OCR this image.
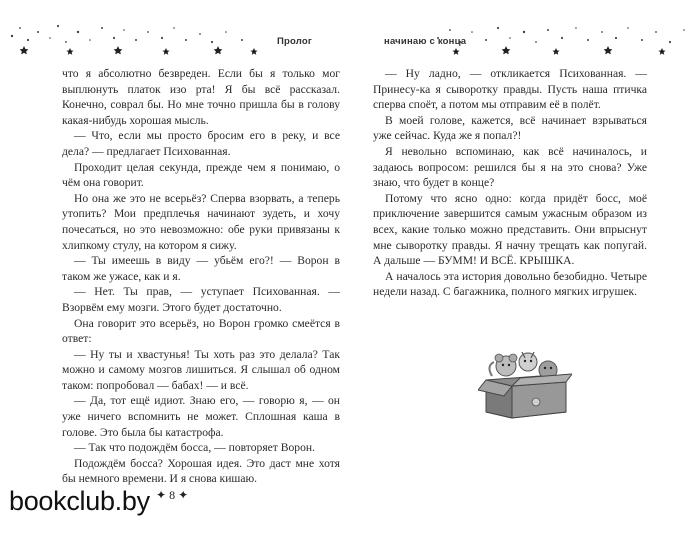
Пролог	начинаю с конца

что я абсолютно безвреден. Если бы я только мог выплюнуть платок изо рта! Я бы всё рассказал. Конечно, соврал бы. Но мне точно пришла бы в голову какая-нибудь хорошая мысль.

— Что, если мы просто бросим его в реку, и все дела? — предлагает Психованная.

Проходит целая секунда, прежде чем я понимаю, о чём она говорит.

Но она же это не всерьёз? Сперва взорвать, а теперь утопить? Мои предплечья начинают зудеть, и хочу почесаться, но это невозможно: обе руки привязаны к хлипкому стулу, на котором я сижу.

— Ты имеешь в виду — убьём его?! — Ворон в таком же ужасе, как и я.

— Нет. Ты прав, — уступает Психованная. — Взорвём ему мозги. Этого будет достаточно.

Она говорит это всерьёз, но Ворон громко смеётся в ответ:

— Ну ты и хвастунья! Ты хоть раз это делала? Так можно и самому мозгов лишиться. Я слышал об одном таком: попробовал — бабах! — и всё.

— Да, тот ещё идиот. Знаю его, — говорю я, — он уже ничего вспомнить не может. Сплошная каша в голове. Это была бы катастрофа.

— Так что подождём босса, — повторяет Ворон.

Подождём босса? Хорошая идея. Это даст мне хотя бы немного времени. И я снова кишаю.

— Ну ладно, — откликается Психованная. — Принесу-ка я сыворотку правды. Пусть наша птичка сперва споёт, а потом мы отправим её в полёт.

В моей голове, кажется, всё начинает взрываться уже сейчас. Куда же я попал?!

Я невольно вспоминаю, как всё начиналось, и задаюсь вопросом: решился бы я на это снова? Уже знаю, что будет в конце?

Потому что ясно одно: когда придёт босс, моё приключение завершится самым ужасным образом из всех, какие только можно представить. Они впрыснут мне сыворотку правды. Я начну трещать как попугай. А дальше — БУММ! И ВСЁ. КРЫШКА.

А началось эта история довольно безобидно. Четыре недели назад. С багажника, полного мягких игрушек.

✦ 8 ✦
bookclub.by
